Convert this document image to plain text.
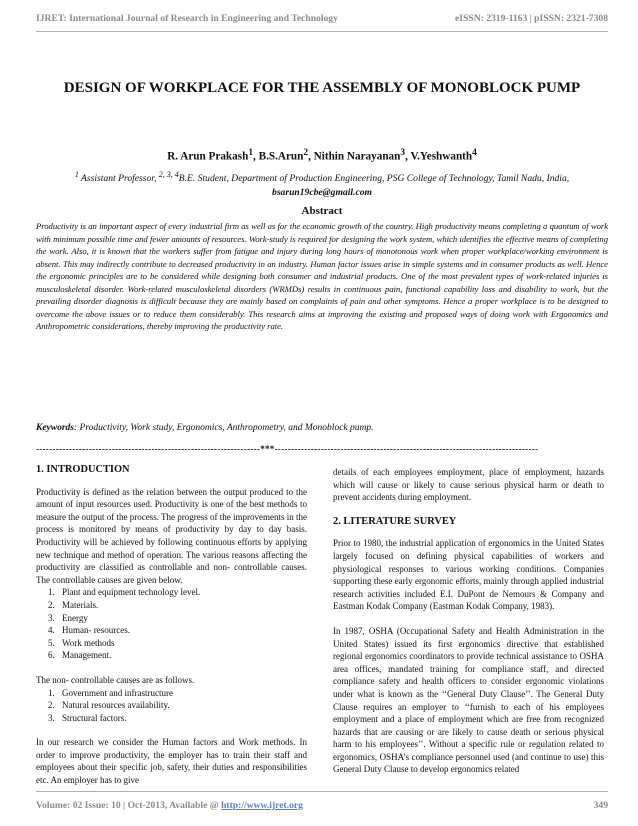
IJRET: International Journal of Research in Engineering and Technology	eISSN: 2319-1163 | pISSN: 2321-7308
DESIGN OF WORKPLACE FOR THE ASSEMBLY OF MONOBLOCK PUMP
R. Arun Prakash$^1$, B.S.Arun$^2$, Nithin Narayanan$^3$, V.Yeshwanth$^4$
$^1$ Assistant Professor, $^{2, 3, 4}$B.E. Student, Department of Production Engineering, PSG College of Technology, Tamil Nadu, India, bsarun19cbe@gmail.com
Abstract
Productivity is an important aspect of every industrial firm as well as for the economic growth of the country. High productivity means completing a quantum of work with minimum possible time and fewer amounts of resources. Work-study is required for designing the work system, which identifies the effective means of completing the work. Also, it is known that the workers suffer from fatigue and injury during long hours of monotonous work when proper workplace/working environment is absent. This may indirectly contribute to decreased productivity in an industry. Human factor issues arise in simple systems and in consumer products as well. Hence the ergonomic principles are to be considered while designing both consumer and industrial products. One of the most prevalent types of work-related injuries is musculoskeletal disorder. Work-related musculoskeletal disorders (WRMDs) results in continuous pain, functional capability loss and disability to work, but the prevailing disorder diagnosis is difficult because they are mainly based on complaints of pain and other symptoms. Hence a proper workplace is to be designed to overcome the above issues or to reduce them considerably. This research aims at improving the existing and proposed ways of doing work with Ergonomics and Anthropometric considerations, thereby improving the productivity rate.
Keywords: Productivity, Work study, Ergonomics, Anthropometry, and Monoblock pump.
--------------------------------------------------------------------***--------------------------------------------------------------------------------

1. INTRODUCTION

Productivity is defined as the relation between the output produced to the amount of input resources used. Productivity is one of the best methods to measure the output of the process. The progress of the improvements in the process is monitored by means of productivity by day to day basis. Productivity will be achieved by following continuous efforts by applying new technique and method of operation. The various reasons affecting the productivity are classified as controllable and non- controllable causes. The controllable causes are given below.

1. Plant and equipment technology level.
2. Materials.
3. Energy
4. Human- resources.
5. Work methods
6. Management.

The non- controllable causes are as follows.

1. Government and infrastructure
2. Natural resources availability.
3. Structural factors.

In our research we consider the Human factors and Work methods. In order to improve productivity, the employer has to train their staff and employees about their specific job, safety, their duties and responsibilities etc. An employer has to give

details of each employees employment, place of employment, hazards which will cause or likely to cause serious physical harm or death to prevent accidents during employment.

2. LITERATURE SURVEY

Prior to 1980, the industrial application of ergonomics in the United States largely focused on defining physical capabilities of workers and physiological responses to various working conditions. Companies supporting these early ergonomic efforts, mainly through applied industrial research activities included E.I. DuPont de Nemours & Company and Eastman Kodak Company (Eastman Kodak Company, 1983).

In 1987, OSHA (Occupational Safety and Health Administration in the United States) issued its first ergonomics directive that established regional ergonomics coordinators to provide technical assistance to OSHA area offices, mandated training for compliance staff, and directed compliance safety and health officers to consider ergonomic violations under what is known as the ‘‘General Duty Clause’’. The General Duty Clause requires an employer to ‘‘furnish to each of his employees employment and a place of employment which are free from recognized hazards that are causing or are likely to cause death or serious physical harm to his employees’’. Without a specific rule or regulation related to ergonomics, OSHA’s compliance personnel used (and continue to use) this General Duty Clause to develop ergonomics related

Volume: 02 Issue: 10 | Oct-2013, Available @ http://www.ijret.org	349
